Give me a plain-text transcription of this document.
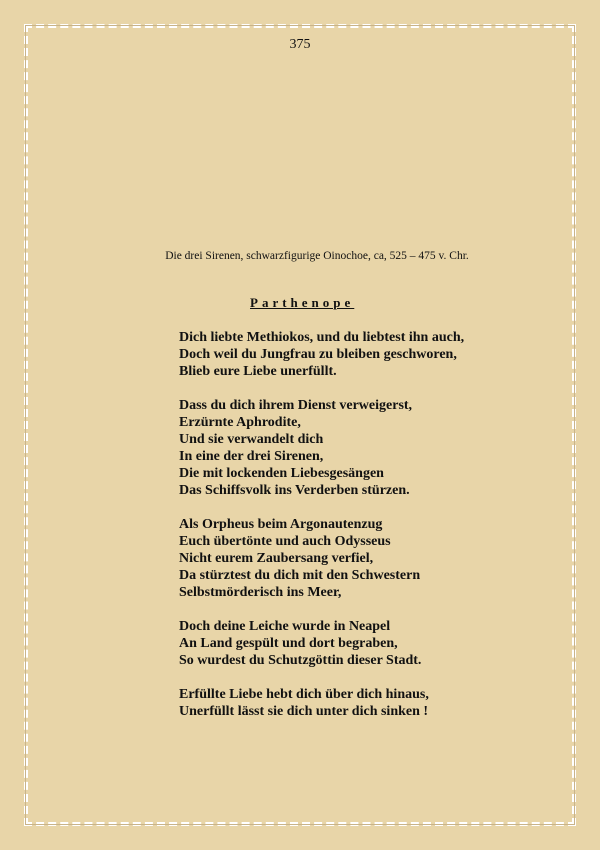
375
Die drei Sirenen, schwarzfigurige Oinochoe, ca, 525 – 475 v. Chr.
Parthenope
Dich liebte Methiokos, und du liebtest ihn auch,
Doch weil du Jungfrau zu bleiben geschworen,
Blieb eure Liebe unerfüllt.
Dass du dich ihrem Dienst verweigerst,
Erzürnte Aphrodite,
Und sie verwandelt dich
In eine der drei Sirenen,
Die mit lockenden Liebesgesängen
Das Schiffsvolk ins Verderben stürzen.
Als Orpheus beim Argonautenzug
Euch übertönte und auch Odysseus
Nicht eurem Zaubersang verfiel,
Da stürztest du dich mit den Schwestern
Selbstmörderisch ins Meer,
Doch deine Leiche wurde in Neapel
An Land gespült und dort begraben,
So wurdest du Schutzgöttin dieser Stadt.
Erfüllte Liebe hebt dich über dich hinaus,
Unerfüllt lässt sie dich unter dich sinken !
